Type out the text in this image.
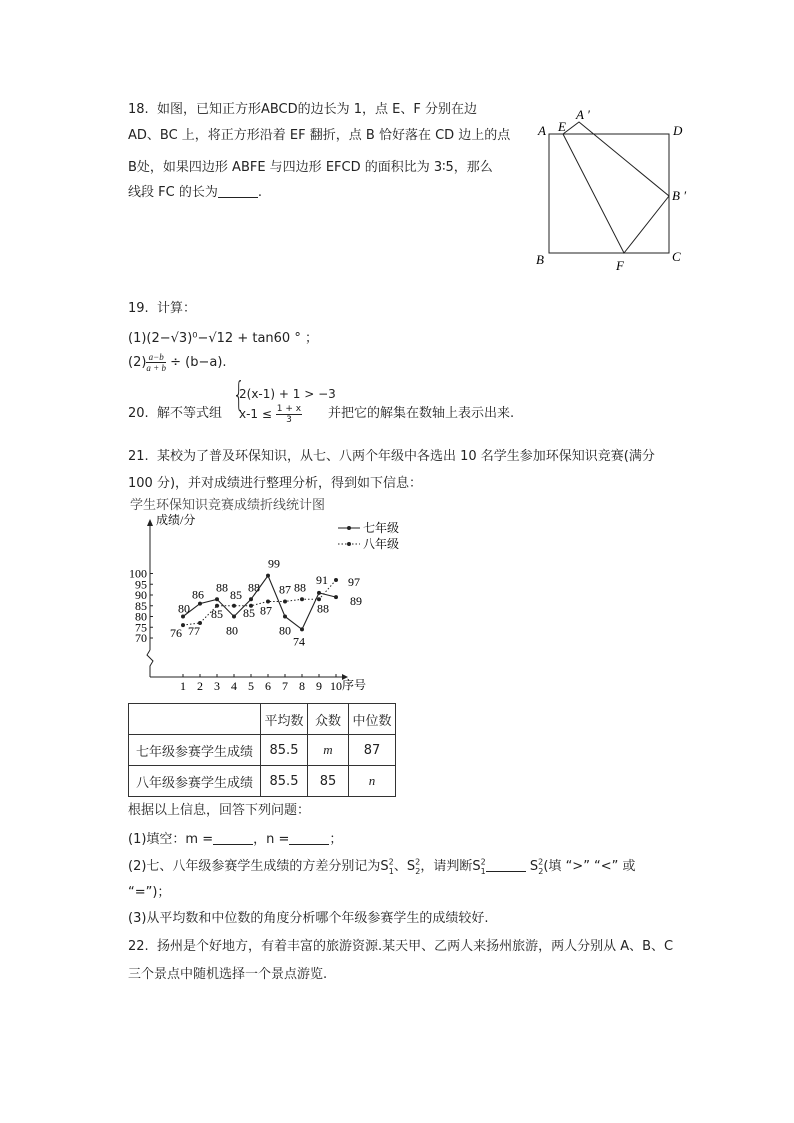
18. 如图，已知正方形ABCD的边长为 1，点 E、F 分别在边
AD、BC 上，将正方形沿着 EF 翻折，点 B 恰好落在 CD 边上的点
B处，如果四边形 ABFE 与四边形 EFCD 的面积比为 3∶5，那么
线段 FC 的长为	.
A E
A ′
D
B ′
B	F
C
19. 计算：
(1)(2−√3)⁰−√12 + tan60 ° ；
$(2) \frac{a-b}{a + b} \div (b-a)$.
20. 解不等式组 {
2(x-1) + 1 > −3
$x-1 \le \frac{1 + x}{3}$ 并把它的解集在数轴上表示出来.
21. 某校为了普及环保知识，从七、八两个年级中各选出 10 名学生参加环保知识竞赛(满分
100 分)，并对成绩进行整理分析，得到如下信息：
学生环保知识竞赛成绩折线统计图
成绩/分
序号
100
95
90
85
80
75
70
1 2 3 4 5 6 7 8 9 10
80
86
88
80
88
99
80
74
91
89
76 77
85
85
85 87
87 88
88
97
七年级
八年级
	平均数	众数	中位数
七年级参赛学生成绩	85.5	m	87
八年级参赛学生成绩	85.5	85	n
根据以上信息，回答下列问题：
(1)填空：m =	，n =	；
(2)七、八年级参赛学生成绩的方差分别记为$S^2_1$、$S^2_2$，请判断$S^2_1$	$S^2_2$(填 “>” “<” 或
“=”)；
(3)从平均数和中位数的角度分析哪个年级参赛学生的成绩较好.
22. 扬州是个好地方，有着丰富的旅游资源.某天甲、乙两人来扬州旅游，两人分别从 A、B、C
三个景点中随机选择一个景点游览.
